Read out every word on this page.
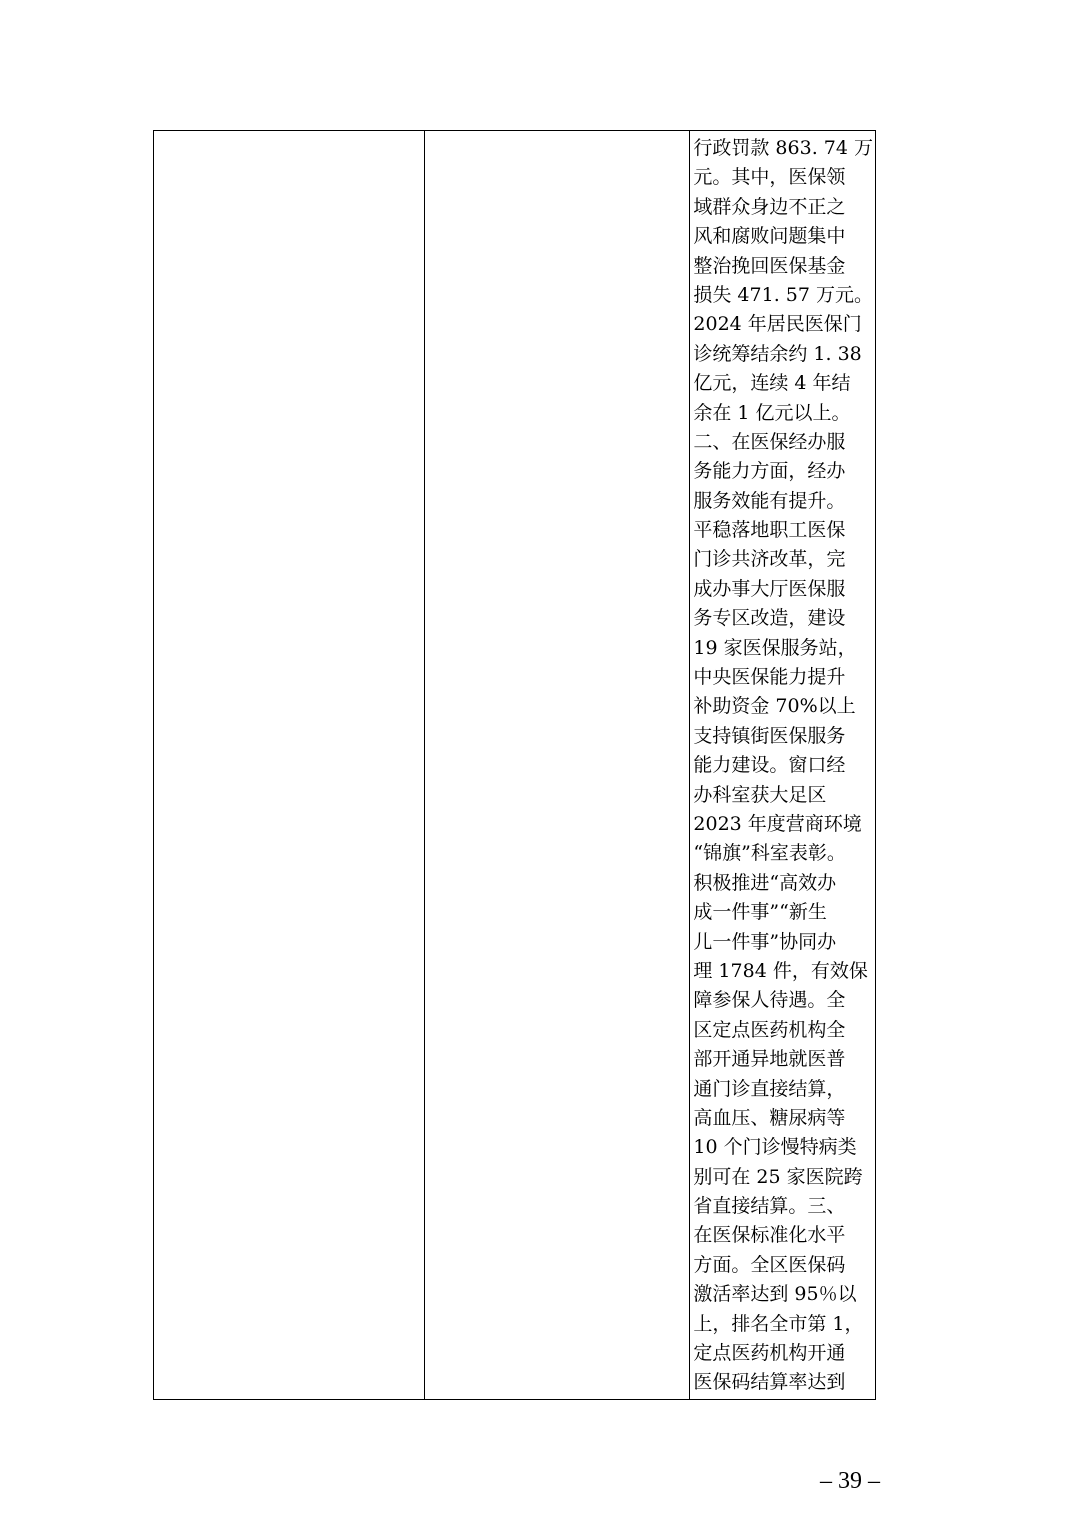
行政罚款 863. 74 万
元。其中，医保领
域群众身边不正之
风和腐败问题集中
整治挽回医保基金
损失 471. 57 万元。
2024 年居民医保门
诊统筹结余约 1. 38
亿元，连续 4 年结
余在 1 亿元以上。
二、在医保经办服
务能力方面，经办
服务效能有提升。
平稳落地职工医保
门诊共济改革，完
成办事大厅医保服
务专区改造，建设
19 家医保服务站，
中央医保能力提升
补助资金 70%以上
支持镇街医保服务
能力建设。窗口经
办科室获大足区
2023 年度营商环境
“锦旗”科室表彰。
积极推进“高效办
成一件事”“新生
儿一件事”协同办
理 1784 件，有效保
障参保人待遇。全
区定点医药机构全
部开通异地就医普
通门诊直接结算，
高血压、糖尿病等
10 个门诊慢特病类
别可在 25 家医院跨
省直接结算。三、
在医保标准化水平
方面。全区医保码
激活率达到 95％以
上，排名全市第 1，
定点医药机构开通
医保码结算率达到
– 39 –
